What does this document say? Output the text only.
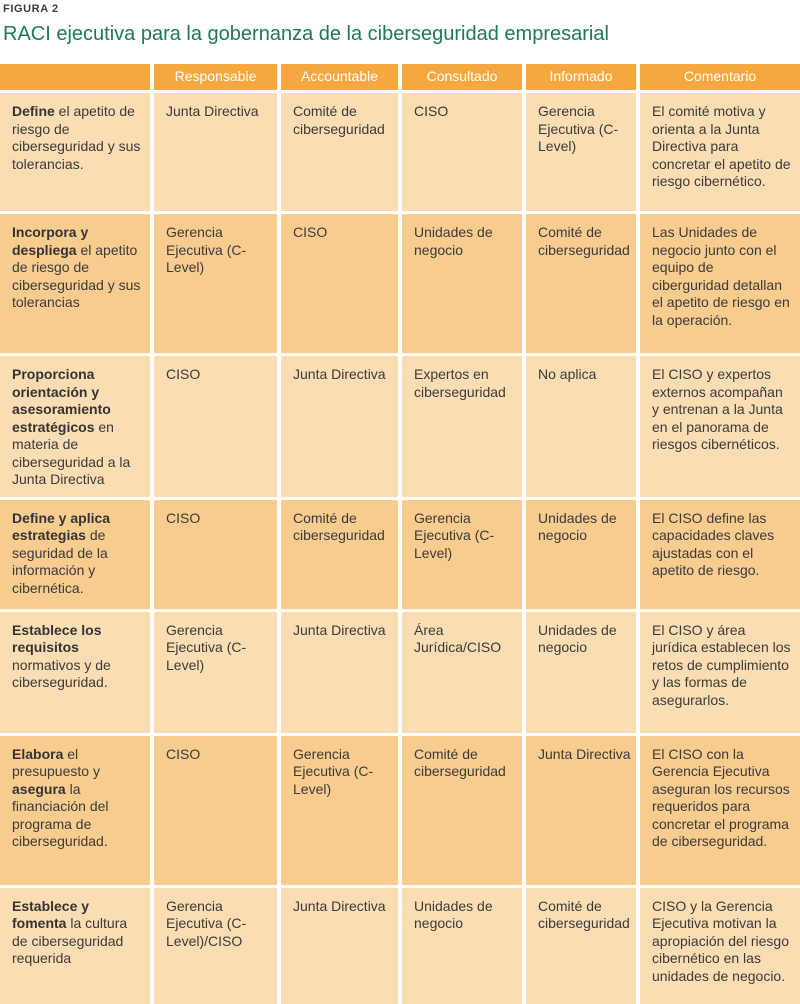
FIGURA 2
RACI ejecutiva para la gobernanza de la ciberseguridad empresarial
	Responsable	Accountable	Consultado	Informado	Comentario
Define el apetito de riesgo de ciberseguridad y sus tolerancias.	Junta Directiva	Comité de ciberseguridad	CISO	Gerencia Ejecutiva (C-Level)	El comité motiva y orienta a la Junta Directiva para concretar el apetito de riesgo cibernético.
Incorpora y despliega el apetito de riesgo de ciberseguridad y sus tolerancias	Gerencia Ejecutiva (C-Level)	CISO	Unidades de negocio	Comité de ciberseguridad	Las Unidades de negocio junto con el equipo de ciberguridad detallan el apetito de riesgo en la operación.
Proporciona orientación y asesoramiento estratégicos en materia de ciberseguridad a la Junta Directiva	CISO	Junta Directiva	Expertos en ciberseguridad	No aplica	El CISO y expertos externos acompañan y entrenan a la Junta en el panorama de riesgos cibernéticos.
Define y aplica estrategias de seguridad de la información y cibernética.	CISO	Comité de ciberseguridad	Gerencia Ejecutiva (C-Level)	Unidades de negocio	El CISO define las capacidades claves ajustadas con el apetito de riesgo.
Establece los requisitos normativos y de ciberseguridad.	Gerencia Ejecutiva (C-Level)	Junta Directiva	Área Jurídica/CISO	Unidades de negocio	El CISO y área jurídica establecen los retos de cumplimiento y las formas de asegurarlos.
Elabora el presupuesto y asegura la financiación del programa de ciberseguridad.	CISO	Gerencia Ejecutiva (C-Level)	Comité de ciberseguridad	Junta Directiva	El CISO con la Gerencia Ejecutiva aseguran los recursos requeridos para concretar el programa de ciberseguridad.
Establece y fomenta la cultura de ciberseguridad requerida	Gerencia Ejecutiva (C-Level)/CISO	Junta Directiva	Unidades de negocio	Comité de ciberseguridad	CISO y la Gerencia Ejecutiva motivan la apropiación del riesgo cibernético en las unidades de negocio.
